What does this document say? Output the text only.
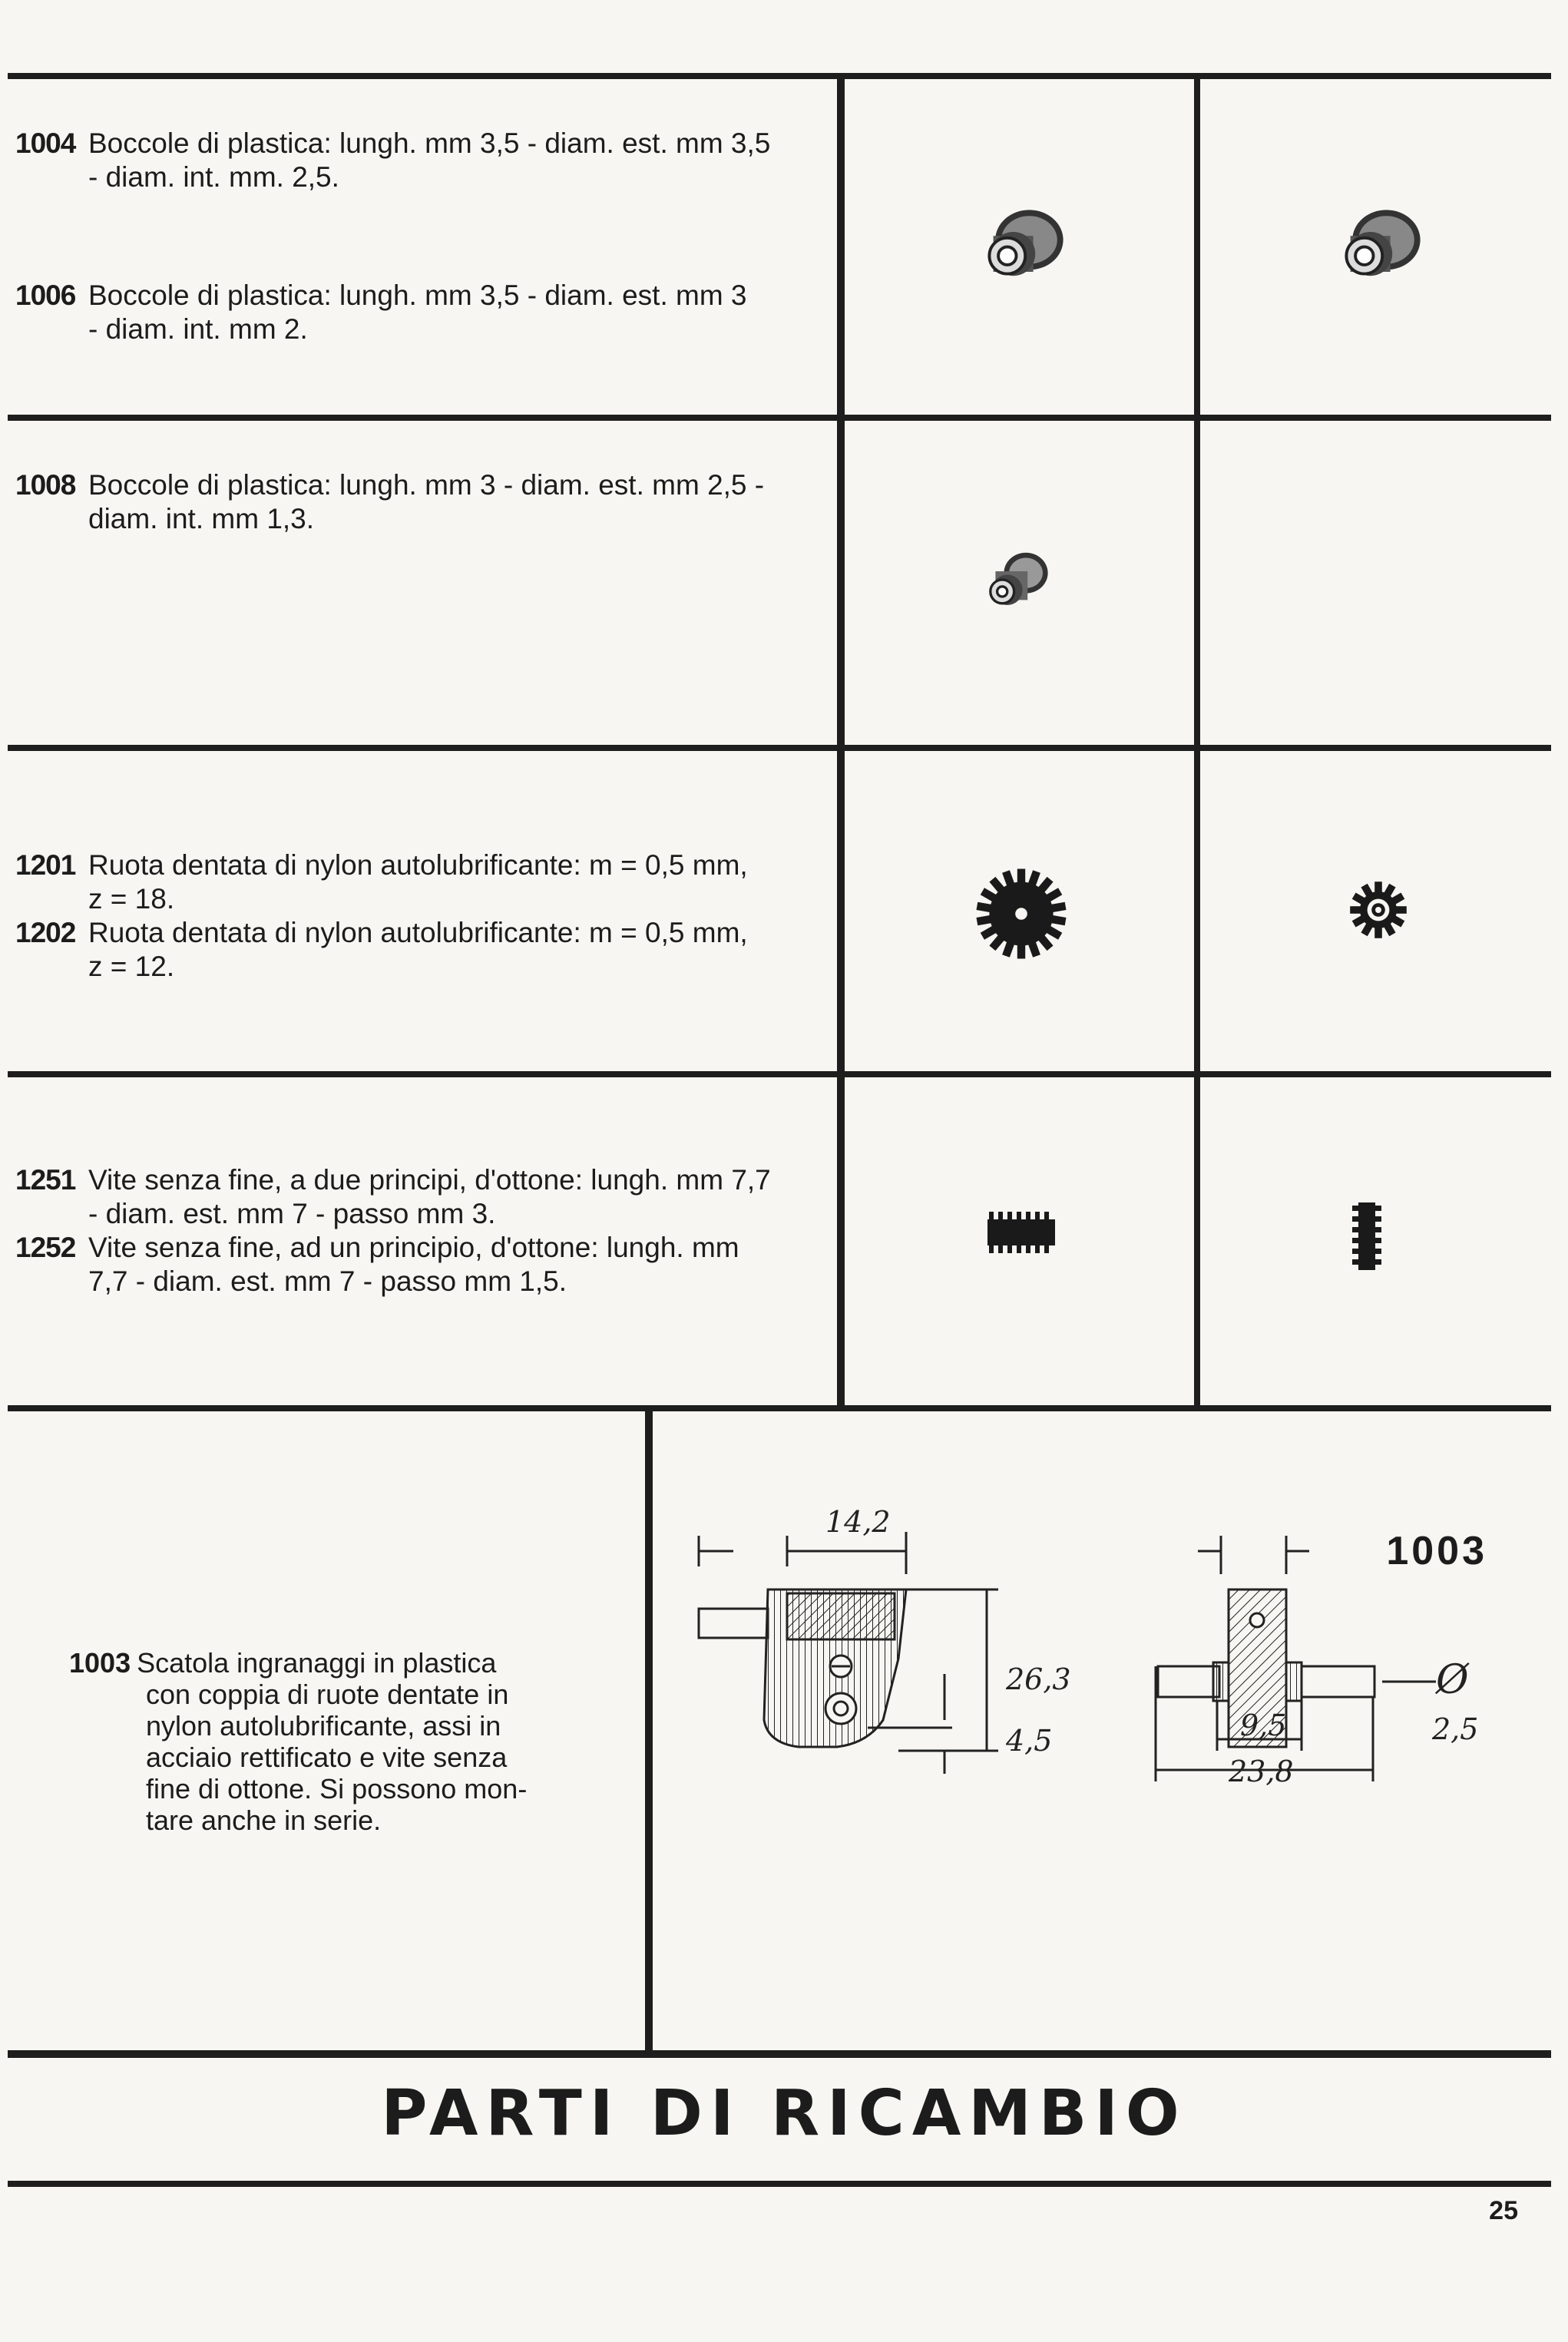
1004 Boccole di plastica: lungh. mm 3,5 - diam. est. mm 3,5
- diam. int. mm. 2,5.
1006 Boccole di plastica: lungh. mm 3,5 - diam. est. mm 3
- diam. int. mm 2.
1008 Boccole di plastica: lungh. mm 3 - diam. est. mm 2,5 -
diam. int. mm 1,3.
1201 Ruota dentata di nylon autolubrificante: m = 0,5 mm,
z = 18.
1202 Ruota dentata di nylon autolubrificante: m = 0,5 mm,
z = 12.
1251 Vite senza fine, a due principi, d'ottone: lungh. mm 7,7
- diam. est. mm 7 - passo mm 3.
1252 Vite senza fine, ad un principio, d'ottone: lungh. mm
7,7 - diam. est. mm 7 - passo mm 1,5.
1003 Scatola ingranaggi in plastica
con coppia di ruote dentate in
nylon autolubrificante, assi in
acciaio rettificato e vite senza
fine di ottone. Si possono mon-
tare anche in serie.
14,2
26,3
4,5
Ø
2,5
9,5
23,8
1003
PARTI DI RICAMBIO
25
